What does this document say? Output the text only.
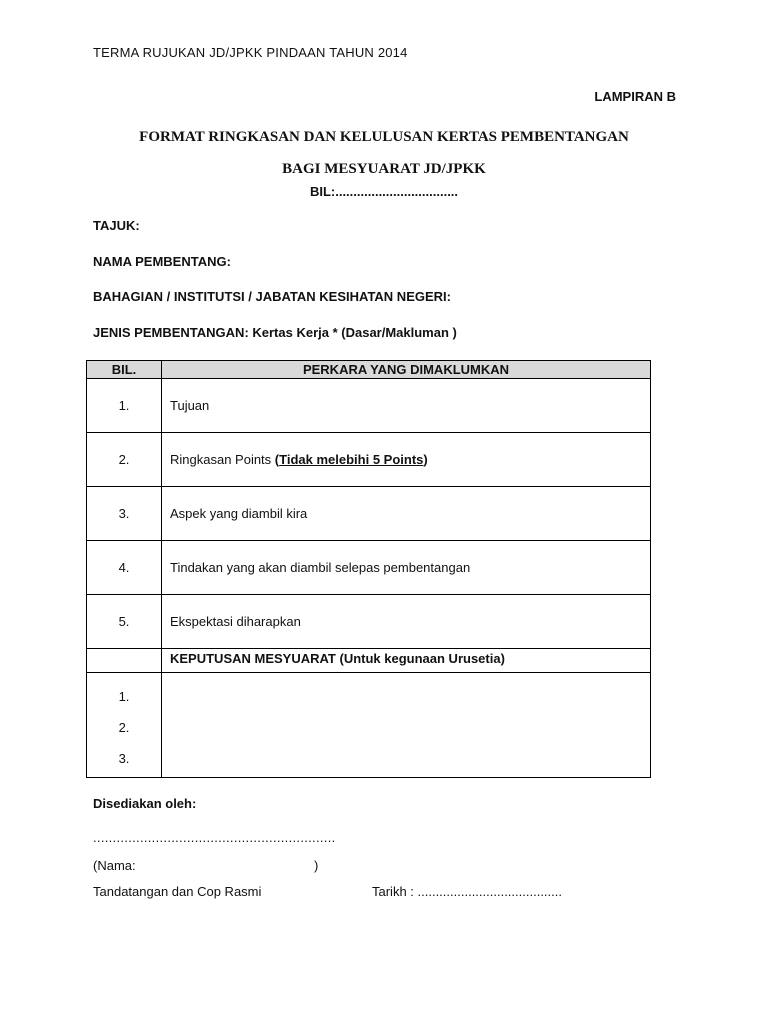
TERMA RUJUKAN JD/JPKK PINDAAN TAHUN 2014
LAMPIRAN B
FORMAT RINGKASAN DAN KELULUSAN KERTAS PEMBENTANGAN
BAGI MESYUARAT JD/JPKK
BIL:..................................
TAJUK:
NAMA PEMBENTANG:
BAHAGIAN / INSTITUTSI / JABATAN KESIHATAN NEGERI:
JENIS PEMBENTANGAN: Kertas Kerja * (Dasar/Makluman )
BIL.	PERKARA YANG DIMAKLUMKAN
1.	Tujuan
2.	Ringkasan Points (Tidak melebihi 5 Points)
3.	Aspek yang diambil kira
4.	Tindakan yang akan diambil selepas pembentangan
5.	Ekspektasi diharapkan
	KEPUTUSAN MESYUARAT (Untuk kegunaan Urusetia)

1.
2.
3.	

Disediakan oleh:
..............................................................
(Nama:	)
Tandatangan dan Cop Rasmi	Tarikh : ........................................
